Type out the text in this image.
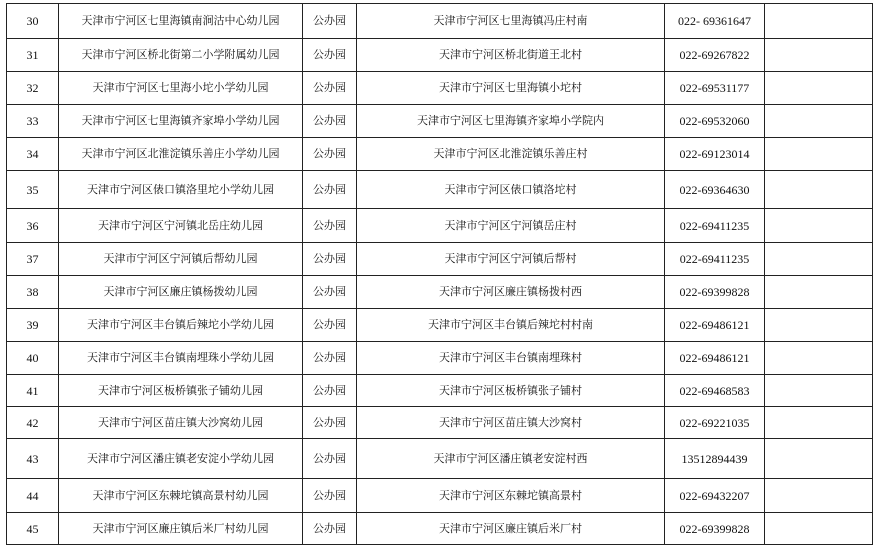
30	天津市宁河区七里海镇南涧沽中心幼儿园	公办园	天津市宁河区七里海镇冯庄村南	022- 69361647	
31	天津市宁河区桥北街第二小学附属幼儿园	公办园	天津市宁河区桥北街道王北村	022-69267822	
32	天津市宁河区七里海小坨小学幼儿园	公办园	天津市宁河区七里海镇小坨村	022-69531177	
33	天津市宁河区七里海镇齐家埠小学幼儿园	公办园	天津市宁河区七里海镇齐家埠小学院内	022-69532060	
34	天津市宁河区北淮淀镇乐善庄小学幼儿园	公办园	天津市宁河区北淮淀镇乐善庄村	022-69123014	
35	天津市宁河区俵口镇洛里坨小学幼儿园	公办园	天津市宁河区俵口镇洛坨村	022-69364630	
36	天津市宁河区宁河镇北岳庄幼儿园	公办园	天津市宁河区宁河镇岳庄村	022-69411235	
37	天津市宁河区宁河镇后帮幼儿园	公办园	天津市宁河区宁河镇后帮村	022-69411235	
38	天津市宁河区廉庄镇杨拨幼儿园	公办园	天津市宁河区廉庄镇杨拨村西	022-69399828	
39	天津市宁河区丰台镇后辣坨小学幼儿园	公办园	天津市宁河区丰台镇后辣坨村村南	022-69486121	
40	天津市宁河区丰台镇南埋珠小学幼儿园	公办园	天津市宁河区丰台镇南埋珠村	022-69486121	
41	天津市宁河区板桥镇张子铺幼儿园	公办园	天津市宁河区板桥镇张子铺村	022-69468583	
42	天津市宁河区苗庄镇大沙窝幼儿园	公办园	天津市宁河区苗庄镇大沙窝村	022-69221035	
43	天津市宁河区潘庄镇老安淀小学幼儿园	公办园	天津市宁河区潘庄镇老安淀村西	13512894439	
44	天津市宁河区东棘坨镇高景村幼儿园	公办园	天津市宁河区东棘坨镇高景村	022-69432207	
45	天津市宁河区廉庄镇后米厂村幼儿园	公办园	天津市宁河区廉庄镇后米厂村	022-69399828	
